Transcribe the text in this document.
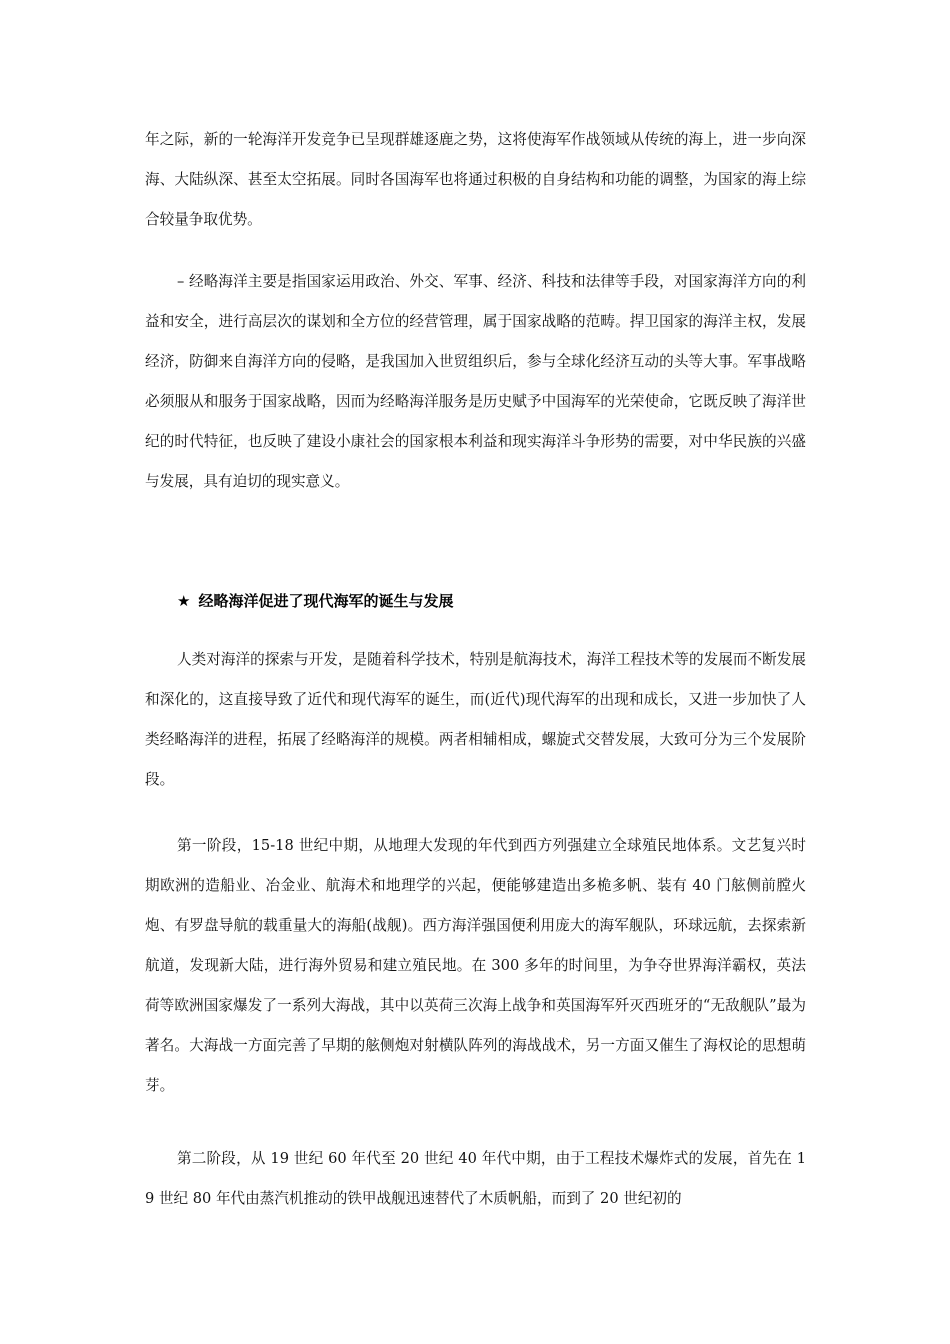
年之际，新的一轮海洋开发竞争已呈现群雄逐鹿之势，这将使海军作战领域从传统的海上，进一步向深海、大陆纵深、甚至太空拓展。同时各国海军也将通过积极的自身结构和功能的调整，为国家的海上综合较量争取优势。

– 经略海洋主要是指国家运用政治、外交、军事、经济、科技和法律等手段，对国家海洋方向的利益和安全，进行高层次的谋划和全方位的经营管理，属于国家战略的范畴。捍卫国家的海洋主权，发展经济，防御来自海洋方向的侵略，是我国加入世贸组织后，参与全球化经济互动的头等大事。军事战略必须服从和服务于国家战略，因而为经略海洋服务是历史赋予中国海军的光荣使命，它既反映了海洋世纪的时代特征，也反映了建设小康社会的国家根本利益和现实海洋斗争形势的需要，对中华民族的兴盛与发展，具有迫切的现实意义。

★ 经略海洋促进了现代海军的诞生与发展

人类对海洋的探索与开发，是随着科学技术，特别是航海技术，海洋工程技术等的发展而不断发展和深化的，这直接导致了近代和现代海军的诞生，而(近代)现代海军的出现和成长，又进一步加快了人类经略海洋的进程，拓展了经略海洋的规模。两者相辅相成，螺旋式交替发展，大致可分为三个发展阶段。

第一阶段，15-18 世纪中期，从地理大发现的年代到西方列强建立全球殖民地体系。文艺复兴时期欧洲的造船业、冶金业、航海术和地理学的兴起，便能够建造出多桅多帆、装有 40 门舷侧前膛火炮、有罗盘导航的载重量大的海船(战舰)。西方海洋强国便利用庞大的海军舰队，环球远航，去探索新航道，发现新大陆，进行海外贸易和建立殖民地。在 300 多年的时间里，为争夺世界海洋霸权，英法荷等欧洲国家爆发了一系列大海战，其中以英荷三次海上战争和英国海军歼灭西班牙的“无敌舰队”最为著名。大海战一方面完善了早期的舷侧炮对射横队阵列的海战战术，另一方面又催生了海权论的思想萌芽。

第二阶段，从 19 世纪 60 年代至 20 世纪 40 年代中期，由于工程技术爆炸式的发展，首先在 19 世纪 80 年代由蒸汽机推动的铁甲战舰迅速替代了木质帆船，而到了 20 世纪初的
